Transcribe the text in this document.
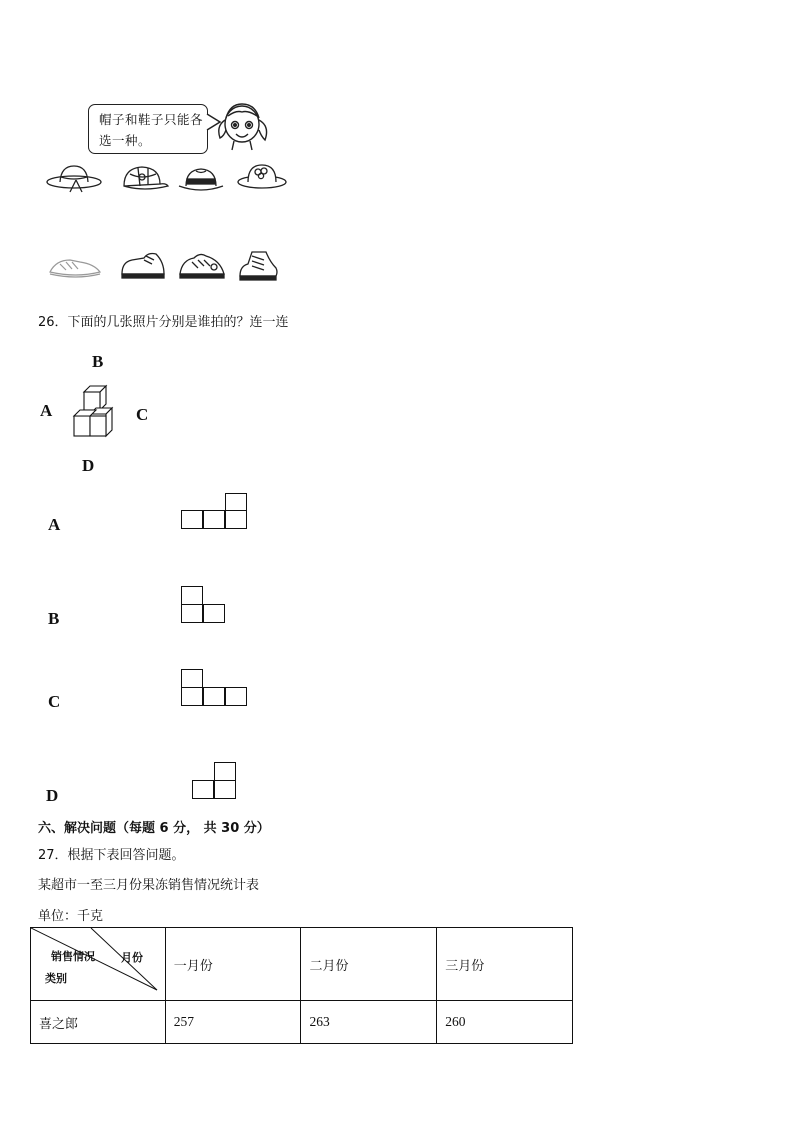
帽子和鞋子只能各选一种。
26．下面的几张照片分别是谁拍的？连一连
B
A	C
D
A
B
C
D
六、解决问题（每题 6 分， 共 30 分）
27．根据下表回答问题。
某超市一至三月份果冻销售情况统计表
单位：千克
销售情况 月份
类别	一月份	二月份	三月份
喜之郎	257	263	260
